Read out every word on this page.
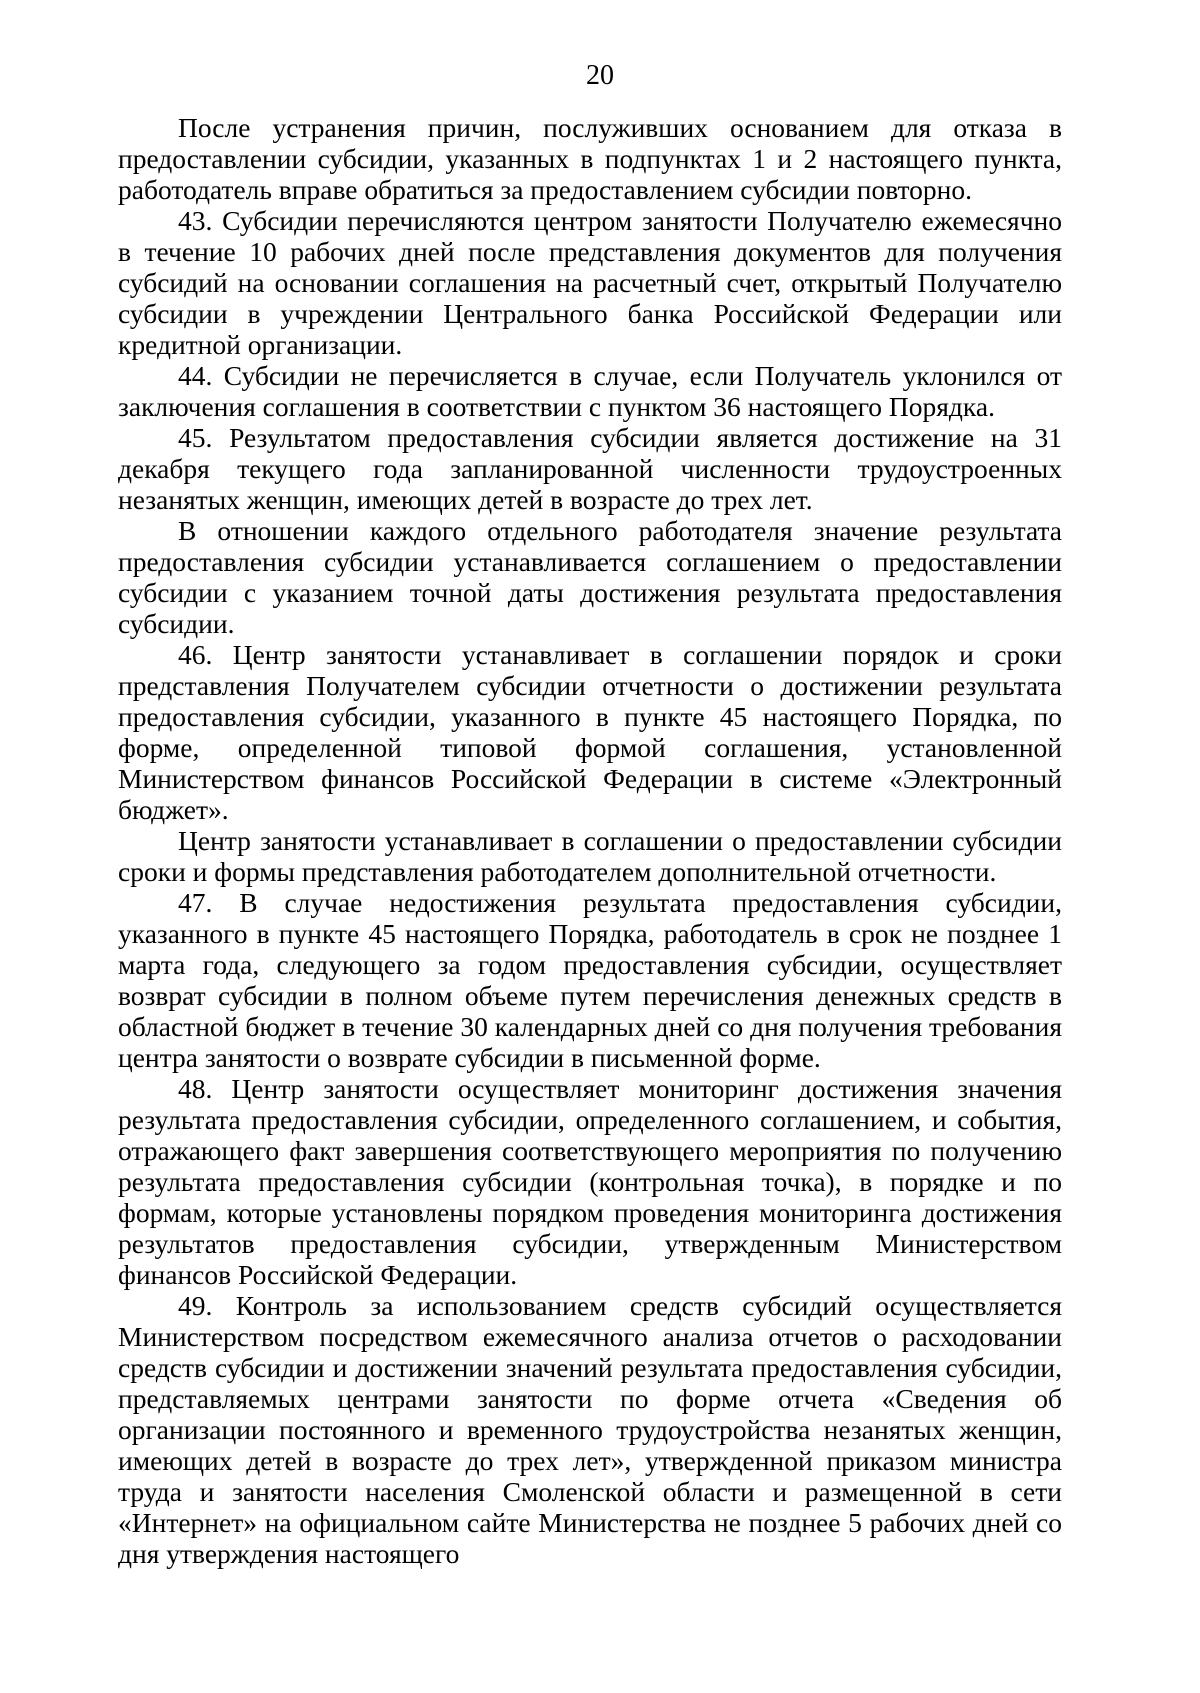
20

После устранения причин, послуживших основанием для отказа в предоставлении субсидии, указанных в подпунктах 1 и 2 настоящего пункта, работодатель вправе обратиться за предоставлением субсидии повторно.

43. Субсидии перечисляются центром занятости Получателю ежемесячно в течение 10 рабочих дней после представления документов для получения субсидий на основании соглашения на расчетный счет, открытый Получателю субсидии в учреждении Центрального банка Российской Федерации или кредитной организации.

44. Субсидии не перечисляется в случае, если Получатель уклонился от заключения соглашения в соответствии с пунктом 36 настоящего Порядка.

45. Результатом предоставления субсидии является достижение на 31 декабря текущего года запланированной численности трудоустроенных незанятых женщин, имеющих детей в возрасте до трех лет.

В отношении каждого отдельного работодателя значение результата предоставления субсидии устанавливается соглашением о предоставлении субсидии с указанием точной даты достижения результата предоставления субсидии.

46. Центр занятости устанавливает в соглашении порядок и сроки представления Получателем субсидии отчетности о достижении результата предоставления субсидии, указанного в пункте 45 настоящего Порядка, по форме, определенной типовой формой соглашения, установленной Министерством финансов Российской Федерации в системе «Электронный бюджет».

Центр занятости устанавливает в соглашении о предоставлении субсидии сроки и формы представления работодателем дополнительной отчетности.

47. В случае недостижения результата предоставления субсидии, указанного в пункте 45 настоящего Порядка, работодатель в срок не позднее 1 марта года, следующего за годом предоставления субсидии, осуществляет возврат субсидии в полном объеме путем перечисления денежных средств в областной бюджет в течение 30 календарных дней со дня получения требования центра занятости о возврате субсидии в письменной форме.

48. Центр занятости осуществляет мониторинг достижения значения результата предоставления субсидии, определенного соглашением, и события, отражающего факт завершения соответствующего мероприятия по получению результата предоставления субсидии (контрольная точка), в порядке и по формам, которые установлены порядком проведения мониторинга достижения результатов предоставления субсидии, утвержденным Министерством финансов Российской Федерации.

49. Контроль за использованием средств субсидий осуществляется Министерством посредством ежемесячного анализа отчетов о расходовании средств субсидии и достижении значений результата предоставления субсидии, представляемых центрами занятости по форме отчета «Сведения об организации постоянного и временного трудоустройства незанятых женщин, имеющих детей в возрасте до трех лет», утвержденной приказом министра труда и занятости населения Смоленской области и размещенной в сети «Интернет» на официальном сайте Министерства не позднее 5 рабочих дней со дня утверждения настоящего
